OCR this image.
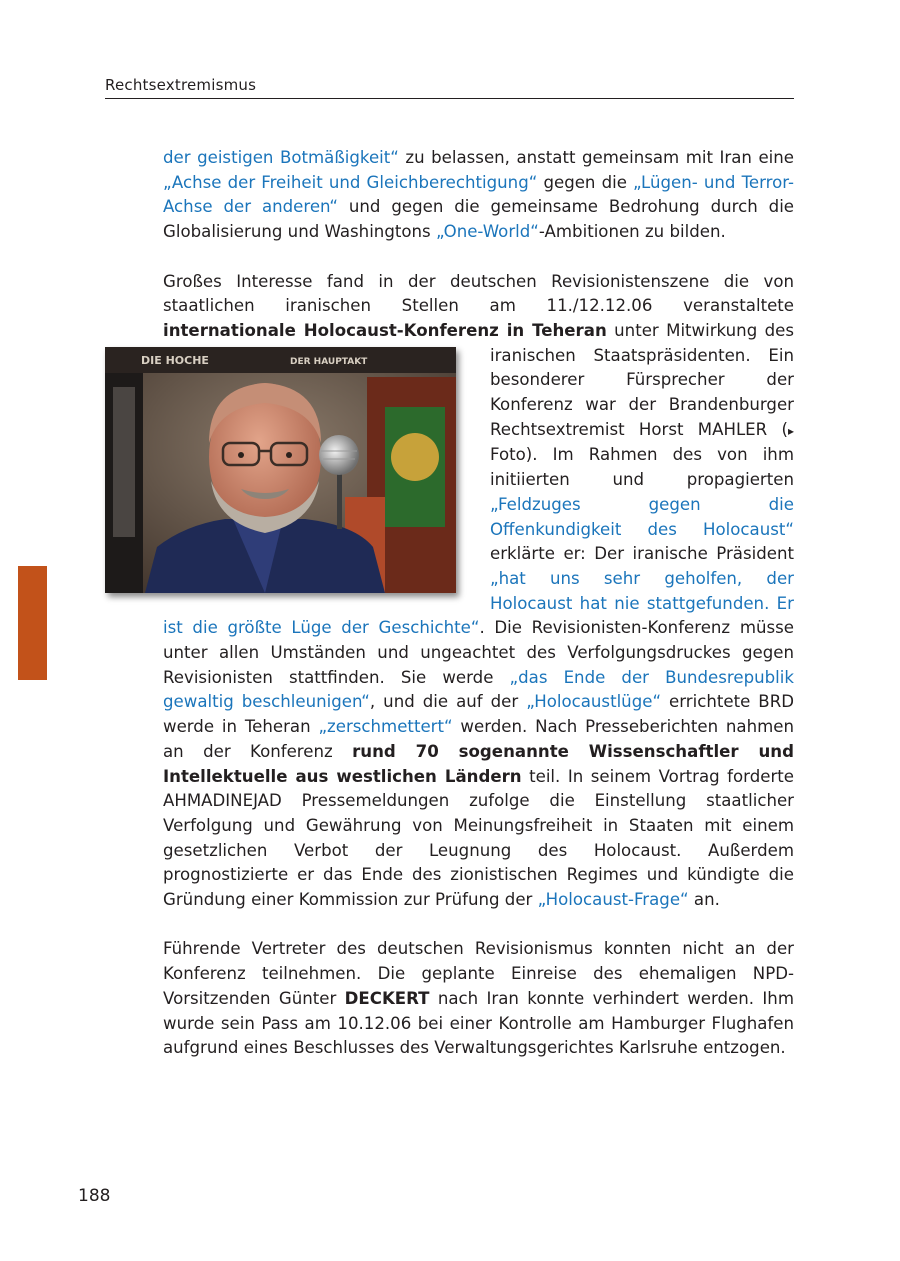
Rechtsextremismus

der geistigen Botmäßigkeit“ zu belassen, anstatt gemeinsam mit Iran eine „Achse der Freiheit und Gleichberechtigung“ gegen die „Lügen- und Terror-Achse der anderen“ und gegen die gemeinsame Bedrohung durch die Globalisierung und Washingtons „One-World“-Ambitionen zu bilden.

Großes Interesse fand in der deutschen Revisionistenszene die von staatlichen iranischen Stellen am 11./12.12.06 veranstaltete internationale Holocaust-Konferenz in Teheran
DIE HOCHE	DER HAUPTAKT
unter Mitwirkung des iranischen Staatspräsidenten. Ein besonderer Fürsprecher der Konferenz war der Brandenburger Rechtsextremist Horst MAHLER (▸ Foto). Im Rahmen des von ihm initiierten und propagierten „Feldzuges gegen die Offenkundigkeit des Holocaust“ erklärte er: Der iranische Präsident „hat uns sehr geholfen, der Holocaust hat nie stattgefunden. Er ist die größte Lüge der Geschichte“. Die Revisionisten-Konferenz müsse unter allen Umständen und ungeachtet des Verfolgungsdruckes gegen Revisionisten stattfinden. Sie werde „das Ende der Bundesrepublik gewaltig beschleunigen“, und die auf der „Holocaustlüge“ errichtete BRD werde in Teheran „zerschmettert“ werden. Nach Presseberichten nahmen an der Konferenz rund 70 sogenannte Wissenschaftler und Intellektuelle aus westlichen Ländern teil. In seinem Vortrag forderte AHMADINEJAD Pressemeldungen zufolge die Einstellung staatlicher Verfolgung und Gewährung von Meinungsfreiheit in Staaten mit einem gesetzlichen Verbot der Leugnung des Holocaust. Außerdem prognostizierte er das Ende des zionistischen Regimes und kündigte die Gründung einer Kommission zur Prüfung der „Holocaust-Frage“ an.

Führende Vertreter des deutschen Revisionismus konnten nicht an der Konferenz teilnehmen. Die geplante Einreise des ehemaligen NPD-Vorsitzenden Günter DECKERT nach Iran konnte verhindert werden. Ihm wurde sein Pass am 10.12.06 bei einer Kontrolle am Hamburger Flughafen aufgrund eines Beschlusses des Verwaltungsgerichtes Karlsruhe entzogen.

188
